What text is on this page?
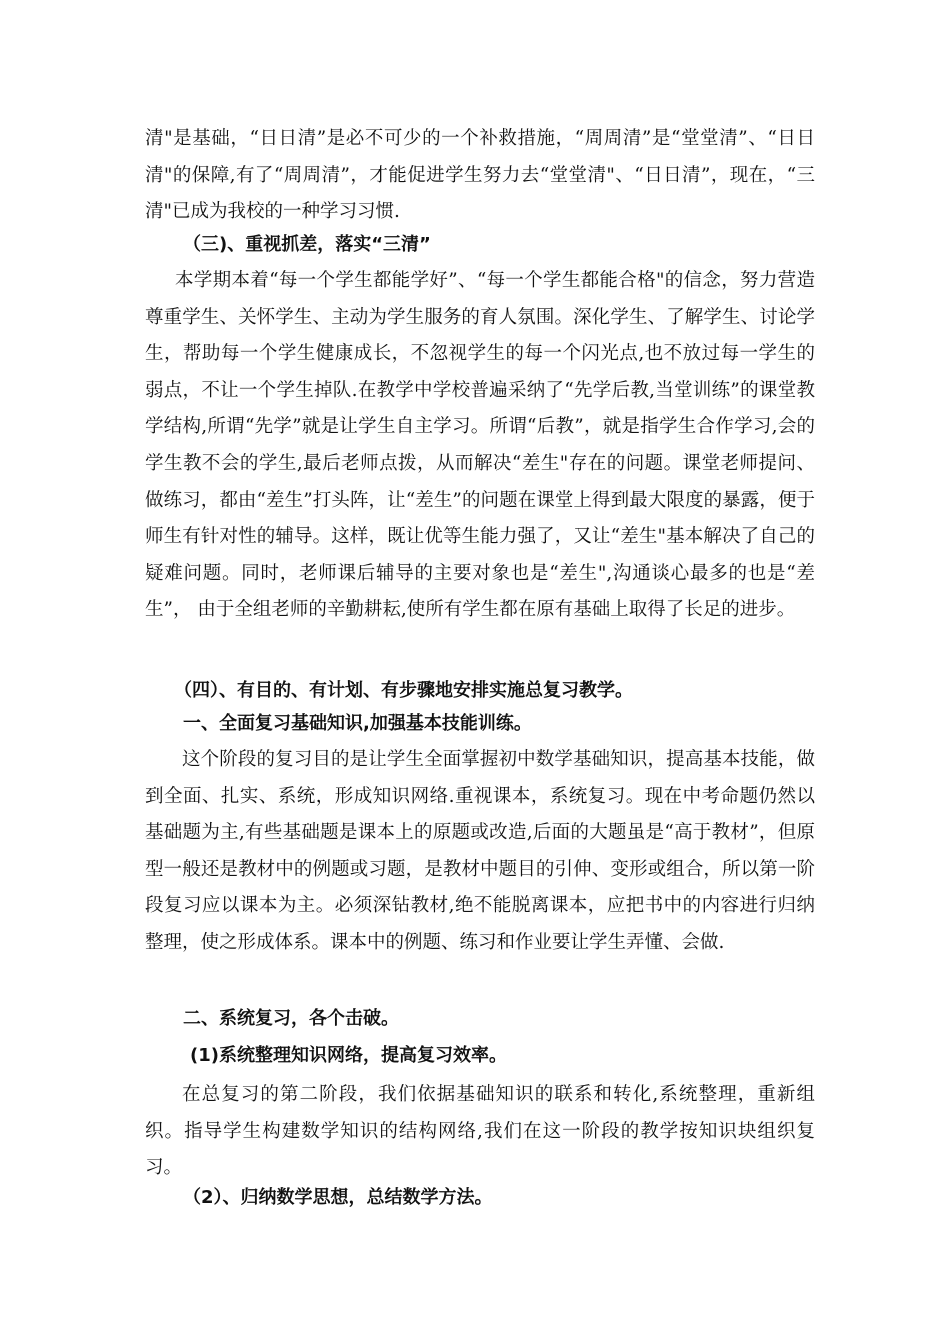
清"是基础，“日日清”是必不可少的一个补救措施，“周周清”是“堂堂清”、“日日清"的保障,有了“周周清”，才能促进学生努力去“堂堂清"、“日日清”，现在，“三清"已成为我校的一种学习习惯.

（三)、重视抓差，落实“三清”

本学期本着“每一个学生都能学好”、“每一个学生都能合格"的信念，努力营造尊重学生、关怀学生、主动为学生服务的育人氛围。深化学生、了解学生、讨论学生，帮助每一个学生健康成长，不忽视学生的每一个闪光点,也不放过每一学生的弱点，不让一个学生掉队.在教学中学校普遍采纳了“先学后教,当堂训练”的课堂教学结构,所谓“先学”就是让学生自主学习。所谓“后教”，就是指学生合作学习,会的学生教不会的学生,最后老师点拨，从而解决“差生"存在的问题。课堂老师提问、做练习，都由“差生”打头阵，让“差生”的问题在课堂上得到最大限度的暴露，便于师生有针对性的辅导。这样，既让优等生能力强了，又让“差生"基本解决了自己的疑难问题。同时，老师课后辅导的主要对象也是“差生",沟通谈心最多的也是“差生”， 由于全组老师的辛勤耕耘,使所有学生都在原有基础上取得了长足的进步。

（四）、有目的、有计划、有步骤地安排实施总复习教学。

一、全面复习基础知识,加强基本技能训练。

这个阶段的复习目的是让学生全面掌握初中数学基础知识，提高基本技能，做到全面、扎实、系统，形成知识网络.重视课本，系统复习。现在中考命题仍然以基础题为主,有些基础题是课本上的原题或改造,后面的大题虽是“高于教材”，但原型一般还是教材中的例题或习题，是教材中题目的引伸、变形或组合，所以第一阶段复习应以课本为主。必须深钻教材,绝不能脱离课本，应把书中的内容进行归纳整理，使之形成体系。课本中的例题、练习和作业要让学生弄懂、会做.

二、系统复习，各个击破。

(1)系统整理知识网络，提高复习效率。

在总复习的第二阶段，我们依据基础知识的联系和转化,系统整理，重新组织。指导学生构建数学知识的结构网络,我们在这一阶段的教学按知识块组织复习。

（2）、归纳数学思想，总结数学方法。
